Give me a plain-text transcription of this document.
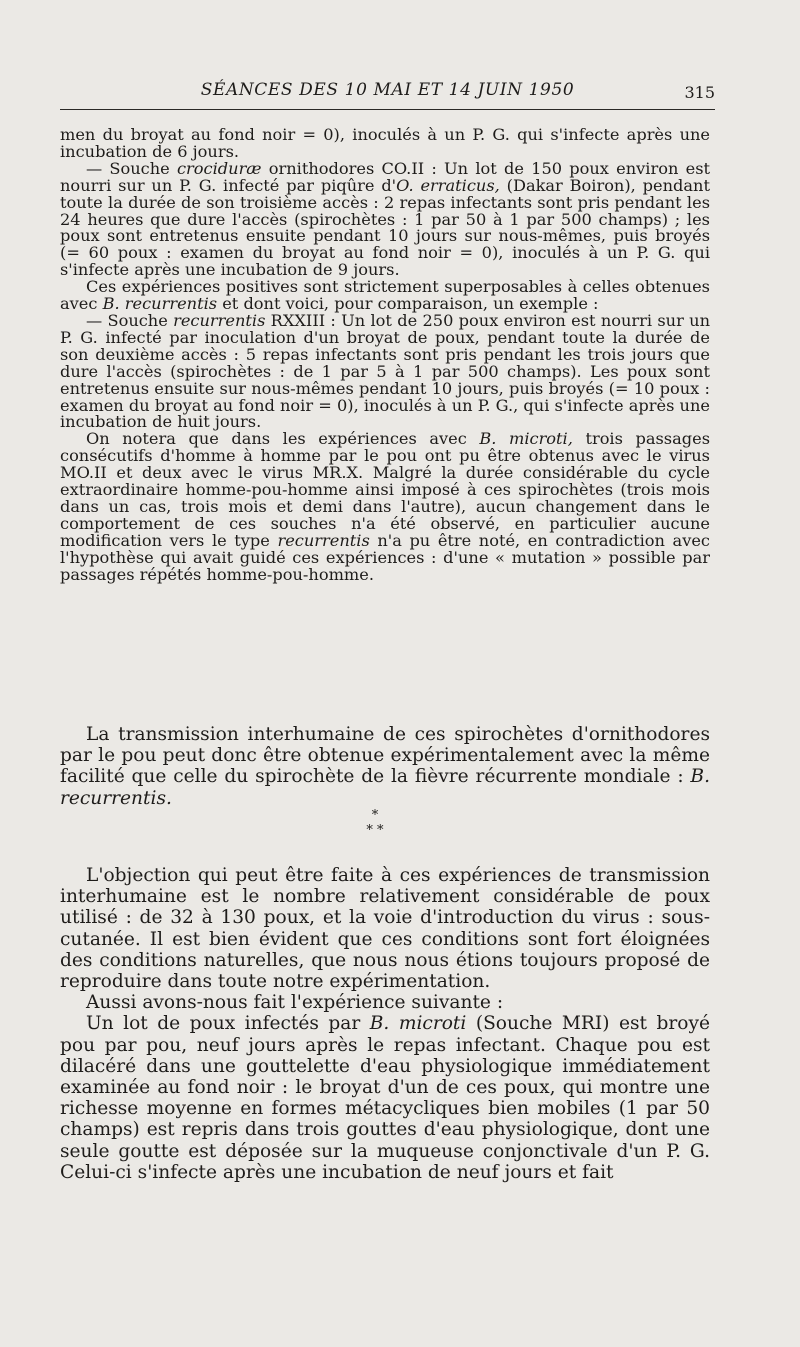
SÉANCES DES 10 MAI ET 14 JUIN 1950	315

men du broyat au fond noir = 0), inoculés à un P. G. qui s'infecte après une incubation de 6 jours.

— Souche crociduræ ornithodores CO.II : Un lot de 150 poux environ est nourri sur un P. G. infecté par piqûre d'O. erraticus, (Dakar Boiron), pendant toute la durée de son troisième accès : 2 repas infectants sont pris pendant les 24 heures que dure l'accès (spirochètes : 1 par 50 à 1 par 500 champs) ; les poux sont entretenus ensuite pendant 10 jours sur nous-mêmes, puis broyés (= 60 poux : examen du broyat au fond noir = 0), inoculés à un P. G. qui s'infecte après une incubation de 9 jours.

Ces expériences positives sont strictement superposables à celles obtenues avec B. recurrentis et dont voici, pour comparaison, un exemple :

— Souche recurrentis RXXIII : Un lot de 250 poux environ est nourri sur un P. G. infecté par inoculation d'un broyat de poux, pendant toute la durée de son deuxième accès : 5 repas infectants sont pris pendant les trois jours que dure l'accès (spirochètes : de 1 par 5 à 1 par 500 champs). Les poux sont entretenus ensuite sur nous-mêmes pendant 10 jours, puis broyés (= 10 poux : examen du broyat au fond noir = 0), inoculés à un P. G., qui s'infecte après une incubation de huit jours.

On notera que dans les expériences avec B. microti, trois passages consécutifs d'homme à homme par le pou ont pu être obtenus avec le virus MO.II et deux avec le virus MR.X. Malgré la durée considérable du cycle extraordinaire homme-pou-homme ainsi imposé à ces spirochètes (trois mois dans un cas, trois mois et demi dans l'autre), aucun changement dans le comportement de ces souches n'a été observé, en particulier aucune modification vers le type recurrentis n'a pu être noté, en contradiction avec l'hypothèse qui avait guidé ces expériences : d'une « mutation » possible par passages répétés homme-pou-homme.

La transmission interhumaine de ces spirochètes d'ornithodores par le pou peut donc être obtenue expérimentalement avec la même facilité que celle du spirochète de la fièvre récurrente mondiale : B. recurrentis.

*
* *

L'objection qui peut être faite à ces expériences de transmission interhumaine est le nombre relativement considérable de poux utilisé : de 32 à 130 poux, et la voie d'introduction du virus : sous-cutanée. Il est bien évident que ces conditions sont fort éloignées des conditions naturelles, que nous nous étions toujours proposé de reproduire dans toute notre expérimentation.

Aussi avons-nous fait l'expérience suivante :

Un lot de poux infectés par B. microti (Souche MRI) est broyé pou par pou, neuf jours après le repas infectant. Chaque pou est dilacéré dans une gouttelette d'eau physiologique immédiatement examinée au fond noir : le broyat d'un de ces poux, qui montre une richesse moyenne en formes métacycliques bien mobiles (1 par 50 champs) est repris dans trois gouttes d'eau physiologique, dont une seule goutte est déposée sur la muqueuse conjonctivale d'un P. G. Celui-ci s'infecte après une incubation de neuf jours et fait
